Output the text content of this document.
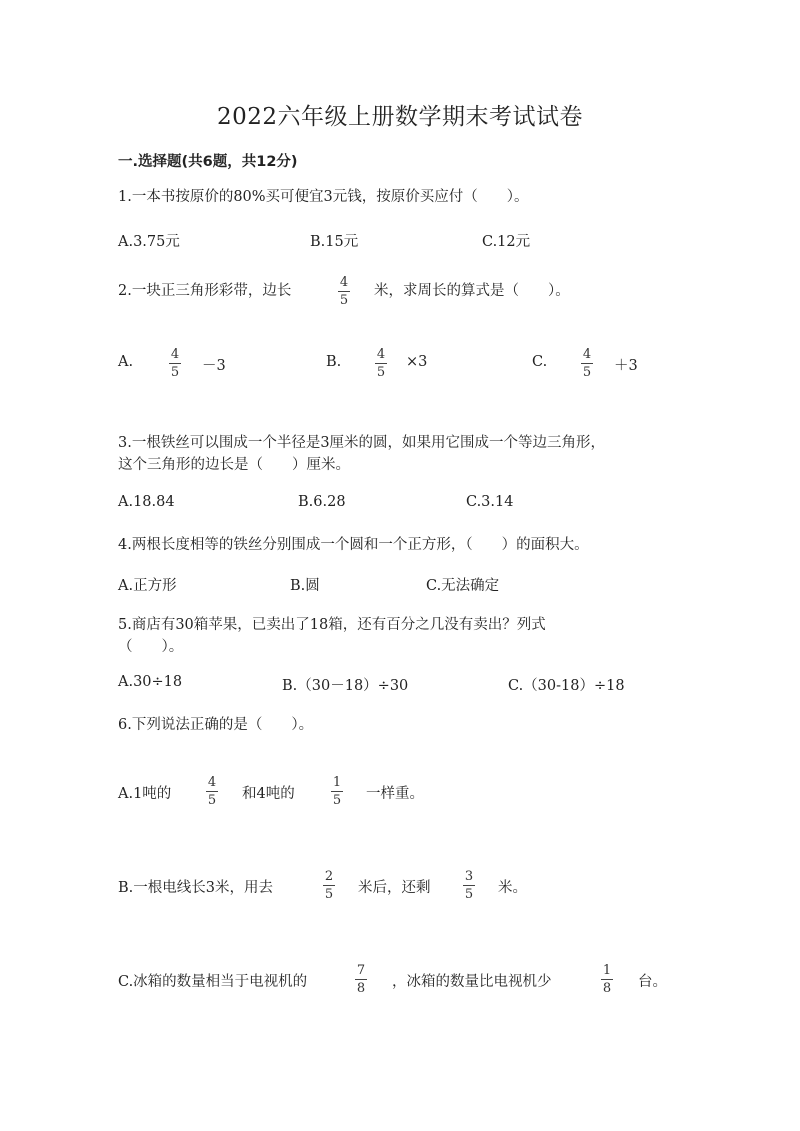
2022六年级上册数学期末考试试卷
一.选择题(共6题，共12分)
1.一本书按原价的80%买可便宜3元钱，按原价买应付（　　）。
A.3.75元	B.15元	C.12元
2.一块正三角形彩带，边长
4
5
米，求周长的算式是（　　）。
A.	4
5 －3	B.	4
5
×3	C.	4
5 ＋3
3.一根铁丝可以围成一个半径是3厘米的圆，如果用它围成一个等边三角形，
这个三角形的边长是（　　）厘米。
A.18.84	B.6.28	C.3.14
4.两根长度相等的铁丝分别围成一个圆和一个正方形，（　　）的面积大。
A.正方形	B.圆	C.无法确定
5.商店有30箱苹果，已卖出了18箱，还有百分之几没有卖出？列式
（　　）。
A.30÷18	B.（30－18）÷30	C.（30-18）÷18
6.下列说法正确的是（　　）。
A.1吨的
4
5 和4吨的
1
5 一样重。
B.一根电线长3米，用去
2
5 米后，还剩
3
5 米。
C.冰箱的数量相当于电视机的
7
8 ，冰箱的数量比电视机少
1
8 台。
